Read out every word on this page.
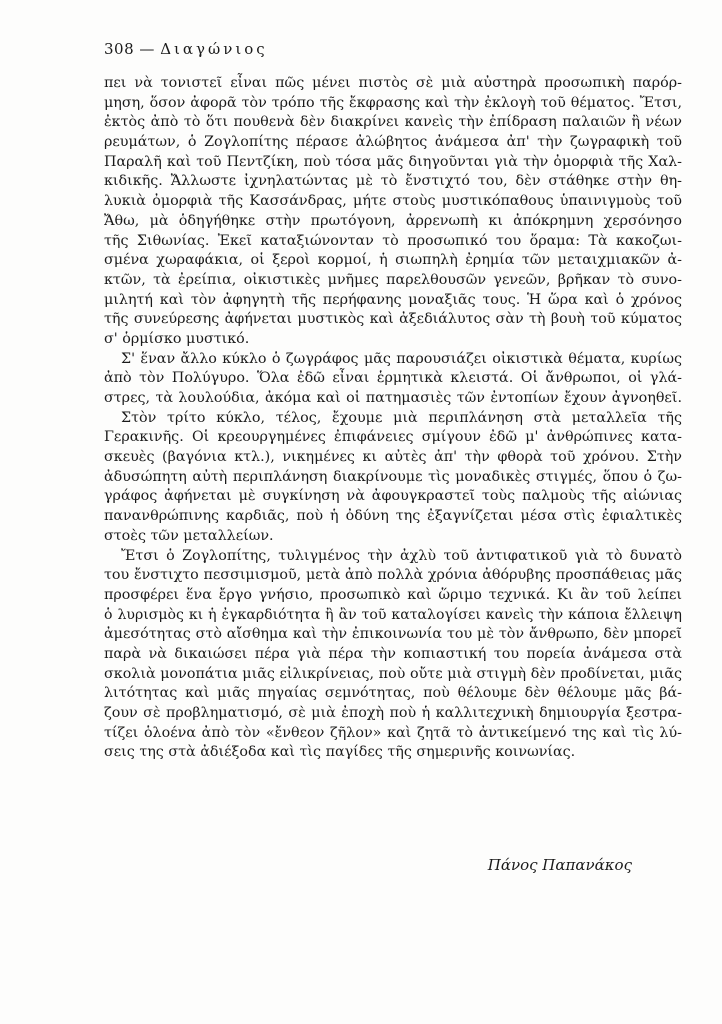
308 — Διαγώνιος
πει νὰ τονιστεῖ εἶναι πῶς μένει πιστὸς σὲ μιὰ αὐστηρὰ προσωπικὴ παρόρ-
μηση, ὅσον ἀφορᾶ τὸν τρόπο τῆς ἔκφρασης καὶ τὴν ἐκλογὴ τοῦ θέματος. Ἔτσι,
ἐκτὸς ἀπὸ τὸ ὅτι πουθενὰ δὲν διακρίνει κανεὶς τὴν ἐπίδραση παλαιῶν ἢ νέων
ρευμάτων, ὁ Ζογλοπίτης πέρασε ἀλώβητος ἀνάμεσα ἀπ' τὴν ζωγραφικὴ τοῦ
Παραλῆ καὶ τοῦ Πεντζίκη, ποὺ τόσα μᾶς διηγοῦνται γιὰ τὴν ὀμορφιὰ τῆς Χαλ-
κιδικῆς. Ἄλλωστε ἰχνηλατώντας μὲ τὸ ἔνστιχτό του, δὲν στάθηκε στὴν θη-
λυκιὰ ὀμορφιὰ τῆς Κασσάνδρας, μήτε στοὺς μυστικόπαθους ὑπαινιγμοὺς τοῦ
Ἄθω, μὰ ὁδηγήθηκε στὴν πρωτόγονη, ἀρρενωπὴ κι ἀπόκρημνη χερσόνησο
τῆς Σιθωνίας. Ἐκεῖ καταξιώνονταν τὸ προσωπικό του ὅραμα: Τὰ κακοζωι-
σμένα χωραφάκια, οἱ ξεροὶ κορμοί, ἡ σιωπηλὴ ἐρημία τῶν μεταιχμιακῶν ἀ-
κτῶν, τὰ ἐρείπια, οἰκιστικὲς μνῆμες παρελθουσῶν γενεῶν, βρῆκαν τὸ συνο-
μιλητή καὶ τὸν ἀφηγητὴ τῆς περήφανης μοναξιᾶς τους. Ἡ ὥρα καὶ ὁ χρόνος
τῆς συνεύρεσης ἀφήνεται μυστικὸς καὶ ἀξεδιάλυτος σὰν τὴ βουὴ τοῦ κύματος
σ' ὁρμίσκο μυστικό.
Σ' ἕναν ἄλλο κύκλο ὁ ζωγράφος μᾶς παρουσιάζει οἰκιστικὰ θέματα, κυρίως
ἀπὸ τὸν Πολύγυρο. Ὅλα ἐδῶ εἶναι ἑρμητικὰ κλειστά. Οἱ ἄνθρωποι, οἱ γλά-
στρες, τὰ λουλούδια, ἀκόμα καὶ οἱ πατημασιὲς τῶν ἐντοπίων ἔχουν ἀγνοηθεῖ.
Στὸν τρίτο κύκλο, τέλος, ἔχουμε μιὰ περιπλάνηση στὰ μεταλλεῖα τῆς
Γερακινῆς. Οἱ κρεουργημένες ἐπιφάνειες σμίγουν ἐδῶ μ' ἀνθρώπινες κατα-
σκευὲς (βαγόνια κτλ.), νικημένες κι αὐτὲς ἀπ' τὴν φθορὰ τοῦ χρόνου. Στὴν
ἀδυσώπητη αὐτὴ περιπλάνηση διακρίνουμε τὶς μοναδικὲς στιγμές, ὅπου ὁ ζω-
γράφος ἀφήνεται μὲ συγκίνηση νὰ ἀφουγκραστεῖ τοὺς παλμοὺς τῆς αἰώνιας
πανανθρώπινης καρδιᾶς, ποὺ ἡ ὀδύνη της ἐξαγνίζεται μέσα στὶς ἐφιαλτικὲς
στοὲς τῶν μεταλλείων.
Ἔτσι ὁ Ζογλοπίτης, τυλιγμένος τὴν ἀχλὺ τοῦ ἀντιφατικοῦ γιὰ τὸ δυνατὸ
του ἔνστιχτο πεσσιμισμοῦ, μετὰ ἀπὸ πολλὰ χρόνια ἀθόρυβης προσπάθειας μᾶς
προσφέρει ἕνα ἔργο γνήσιο, προσωπικὸ καὶ ὥριμο τεχνικά. Κι ἂν τοῦ λείπει
ὁ λυρισμὸς κι ἡ ἐγκαρδιότητα ἢ ἂν τοῦ καταλογίσει κανεὶς τὴν κάποια ἔλλειψη
ἀμεσότητας στὸ αἴσθημα καὶ τὴν ἐπικοινωνία του μὲ τὸν ἄνθρωπο, δὲν μπορεῖ
παρὰ νὰ δικαιώσει πέρα γιὰ πέρα τὴν κοπιαστική του πορεία ἀνάμεσα στὰ
σκολιὰ μονοπάτια μιᾶς εἰλικρίνειας, ποὺ οὔτε μιὰ στιγμὴ δὲν προδίνεται, μιᾶς
λιτότητας καὶ μιᾶς πηγαίας σεμνότητας, ποὺ θέλουμε δὲν θέλουμε μᾶς βά-
ζουν σὲ προβληματισμό, σὲ μιὰ ἐποχὴ ποὺ ἡ καλλιτεχνικὴ δημιουργία ξεστρα-
τίζει ὁλοένα ἀπὸ τὸν «ἔνθεον ζῆλον» καὶ ζητᾶ τὸ ἀντικείμενό της καὶ τὶς λύ-
σεις της στὰ ἀδιέξοδα καὶ τὶς παγίδες τῆς σημερινῆς κοινωνίας.
Πάνος Παπανάκος
